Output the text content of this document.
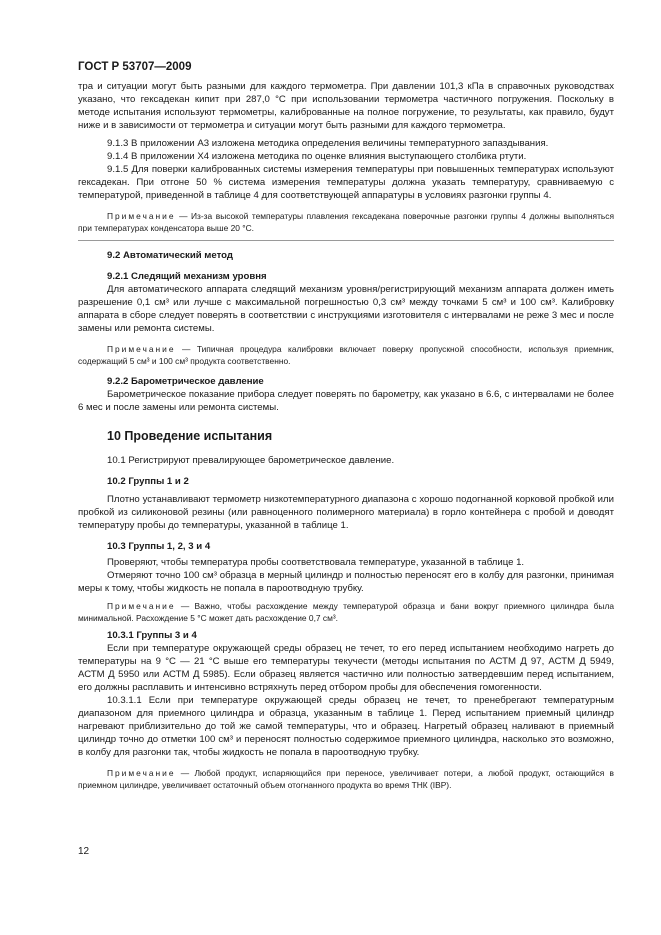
ГОСТ Р 53707—2009

тра и ситуации могут быть разными для каждого термометра. При давлении 101,3 кПа в справочных руководствах указано, что гексадекан кипит при 287,0 °С при использовании термометра частичного погружения. Поскольку в методе испытания используют термометры, калиброванные на полное погружение, то результаты, как правило, будут ниже и в зависимости от термометра и ситуации могут быть разными для каждого термометра.

9.1.3 В приложении А3 изложена методика определения величины температурного запаздывания.

9.1.4 В приложении Х4 изложена методика по оценке влияния выступающего столбика ртути.

9.1.5 Для поверки калиброванных системы измерения температуры при повышенных температурах используют гексадекан. При отгоне 50 % система измерения температуры должна указать температуру, сравниваемую с температурой, приведенной в таблице 4 для соответствующей аппаратуры в условиях разгонки группы 4.

Примечание — Из-за высокой температуры плавления гексадекана поверочные разгонки группы 4 должны выполняться при температурах конденсатора выше 20 °С.

9.2 Автоматический метод

9.2.1 Следящий механизм уровня

Для автоматического аппарата следящий механизм уровня/регистрирующий механизм аппарата должен иметь разрешение 0,1 см³ или лучше с максимальной погрешностью 0,3 см³ между точками 5 см³ и 100 см³. Калибровку аппарата в сборе следует поверять в соответствии с инструкциями изготовителя с интервалами не реже 3 мес и после замены или ремонта системы.

Примечание — Типичная процедура калибровки включает поверку пропускной способности, используя приемник, содержащий 5 см³ и 100 см³ продукта соответственно.

9.2.2 Барометрическое давление

Барометрическое показание прибора следует поверять по барометру, как указано в 6.6, с интервалами не более 6 мес и после замены или ремонта системы.

10 Проведение испытания

10.1 Регистрируют превалирующее барометрическое давление.

10.2 Группы 1 и 2

Плотно устанавливают термометр низкотемпературного диапазона с хорошо подогнанной корковой пробкой или пробкой из силиконовой резины (или равноценного полимерного материала) в горло контейнера с пробой и доводят температуру пробы до температуры, указанной в таблице 1.

10.3 Группы 1, 2, 3 и 4

Проверяют, чтобы температура пробы соответствовала температуре, указанной в таблице 1.

Отмеряют точно 100 см³ образца в мерный цилиндр и полностью переносят его в колбу для разгонки, принимая меры к тому, чтобы жидкость не попала в пароотводную трубку.

Примечание — Важно, чтобы расхождение между температурой образца и бани вокруг приемного цилиндра была минимальной. Расхождение 5 °С может дать расхождение 0,7 см³.

10.3.1 Группы 3 и 4

Если при температуре окружающей среды образец не течет, то его перед испытанием необходимо нагреть до температуры на 9 °С — 21 °С выше его температуры текучести (методы испытания по АСТМ Д 97, АСТМ Д 5949, АСТМ Д 5950 или АСТМ Д 5985). Если образец является частично или полностью затвердевшим перед испытанием, его должны расплавить и интенсивно встряхнуть перед отбором пробы для обеспечения гомогенности.

10.3.1.1 Если при температуре окружающей среды образец не течет, то пренебрегают температурным диапазоном для приемного цилиндра и образца, указанным в таблице 1. Перед испытанием приемный цилиндр нагревают приблизительно до той же самой температуры, что и образец. Нагретый образец наливают в приемный цилиндр точно до отметки 100 см³ и переносят полностью содержимое приемного цилиндра, насколько это возможно, в колбу для разгонки так, чтобы жидкость не попала в пароотводную трубку.

Примечание — Любой продукт, испаряющийся при переносе, увеличивает потери, а любой продукт, остающийся в приемном цилиндре, увеличивает остаточный объем отогнанного продукта во время ТНК (IBP).

12
